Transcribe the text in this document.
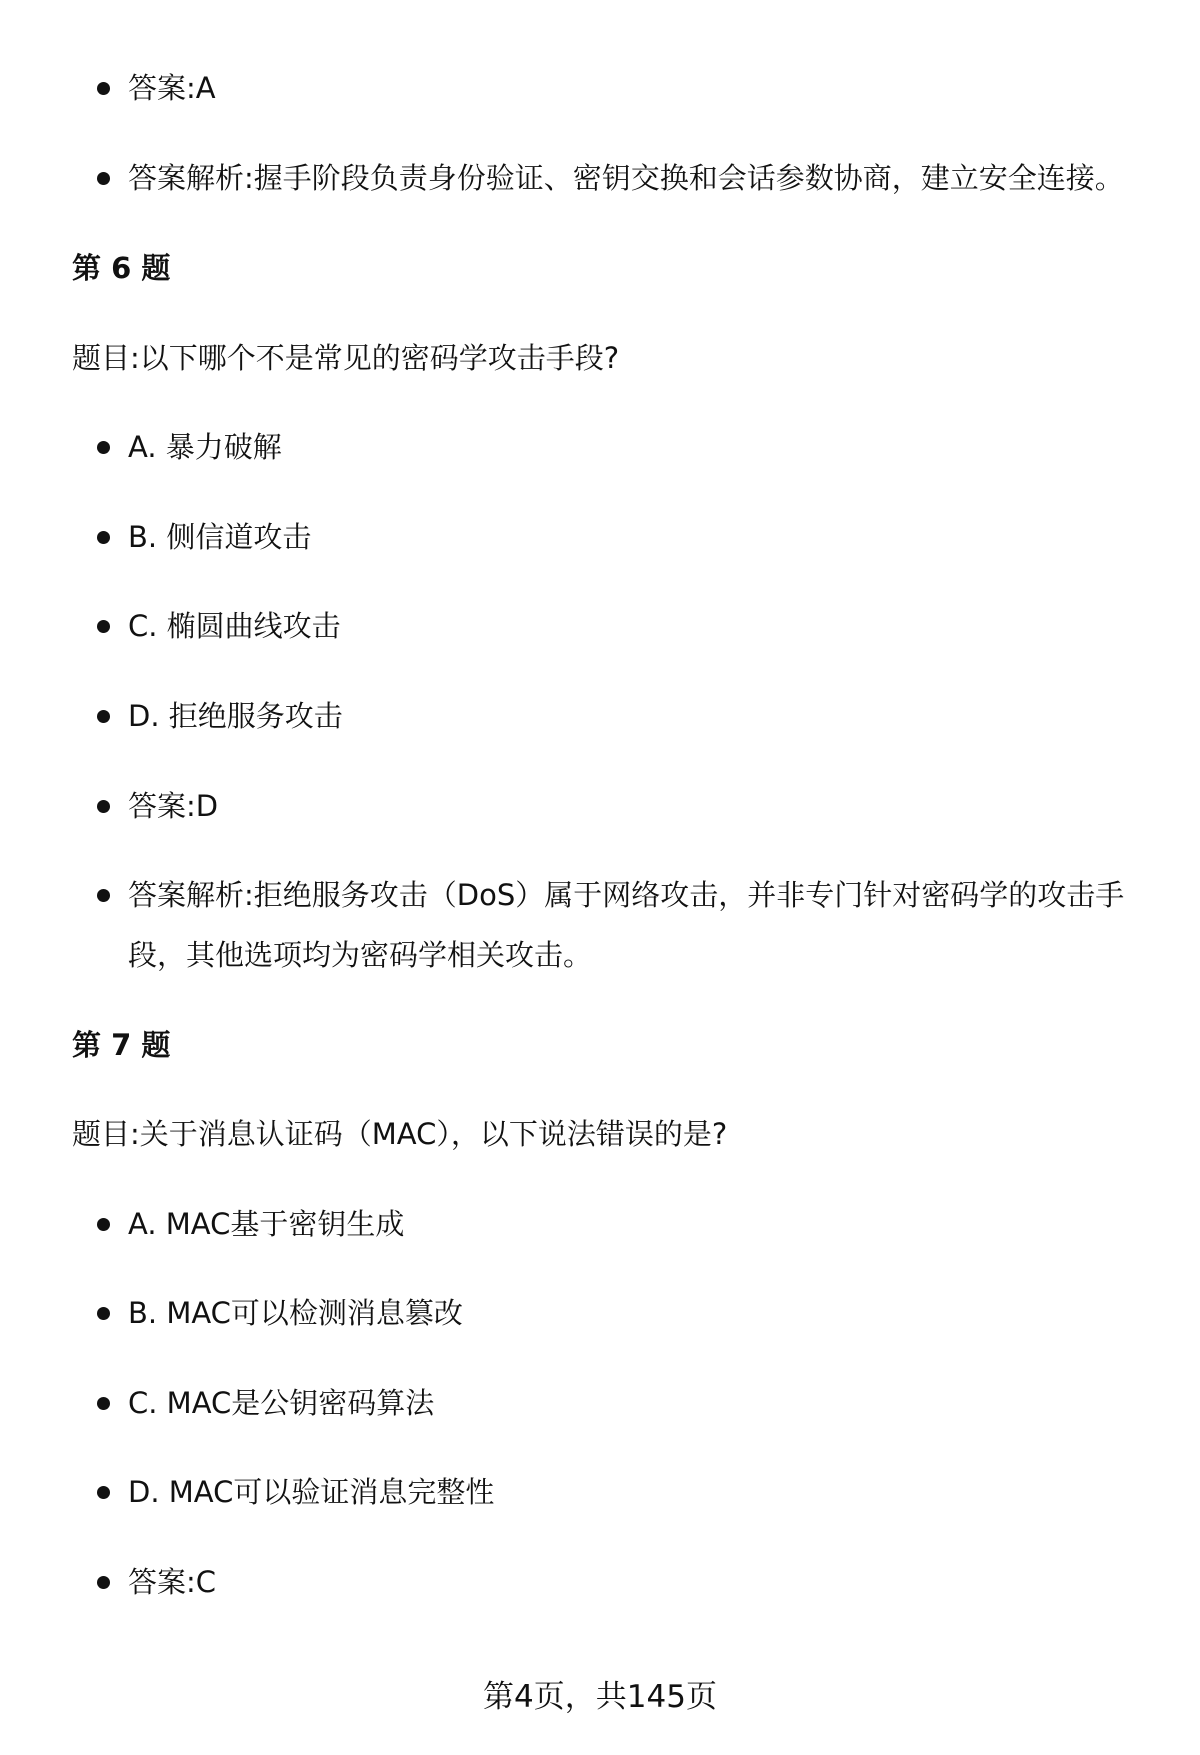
答案:A
答案解析:握手阶段负责身份验证、密钥交换和会话参数协商，建立安全连接。
第 6 题
题目:以下哪个不是常见的密码学攻击手段?
A. 暴力破解
B. 侧信道攻击
C. 椭圆曲线攻击
D. 拒绝服务攻击
答案:D
答案解析:拒绝服务攻击（DoS）属于网络攻击，并非专门针对密码学的攻击手段，其他选项均为密码学相关攻击。
第 7 题
题目:关于消息认证码（MAC），以下说法错误的是?
A. MAC基于密钥生成
B. MAC可以检测消息篡改
C. MAC是公钥密码算法
D. MAC可以验证消息完整性
答案:C
第4页，共145页
